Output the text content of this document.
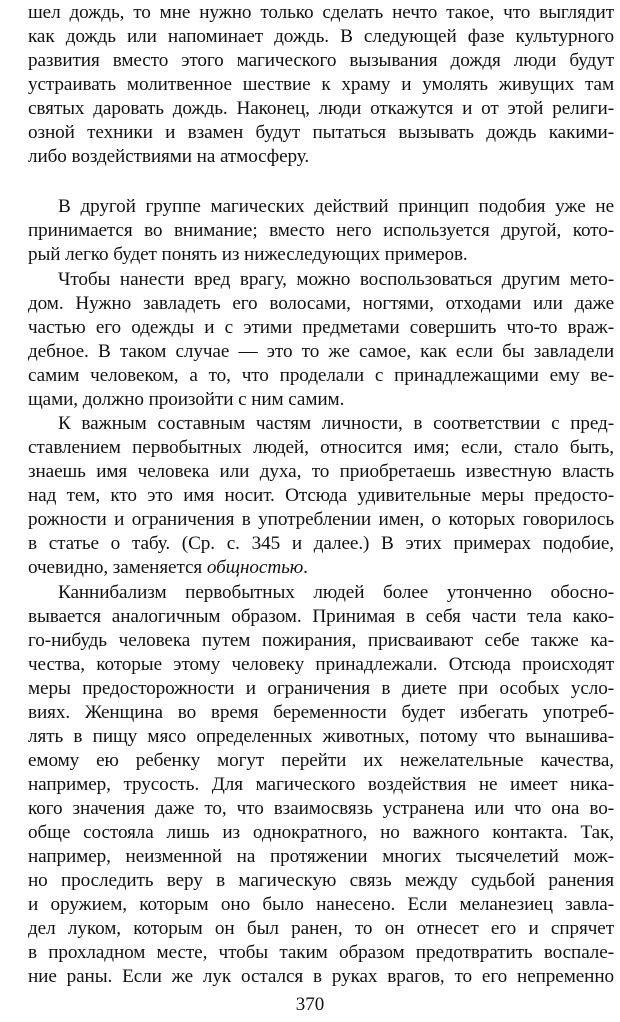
шел дождь, то мне нужно только сделать нечто такое, что выглядит
как дождь или напоминает дождь. В следующей фазе культурного
развития вместо этого магического вызывания дождя люди будут
устраивать молитвенное шествие к храму и умолять живущих там
святых даровать дождь. Наконец, люди откажутся и от этой религи-
озной техники и взамен будут пытаться вызывать дождь какими-
либо воздействиями на атмосферу.
В другой группе магических действий принцип подобия уже не
принимается во внимание; вместо него используется другой, кото-
рый легко будет понять из нижеследующих примеров.
Чтобы нанести вред врагу, можно воспользоваться другим мето-
дом. Нужно завладеть его волосами, ногтями, отходами или даже
частью его одежды и с этими предметами совершить что-то враж-
дебное. В таком случае — это то же самое, как если бы завладели
самим человеком, а то, что проделали с принадлежащими ему ве-
щами, должно произойти с ним самим.
К важным составным частям личности, в соответствии с пред-
ставлением первобытных людей, относится имя; если, стало быть,
знаешь имя человека или духа, то приобретаешь известную власть
над тем, кто это имя носит. Отсюда удивительные меры предосто-
рожности и ограничения в употреблении имен, о которых говорилось
в статье о табу. (Ср. с. 345 и далее.) В этих примерах подобие,
очевидно, заменяется общностью.
Каннибализм первобытных людей более утонченно обосно-
вывается аналогичным образом. Принимая в себя части тела како-
го-нибудь человека путем пожирания, присваивают себе также ка-
чества, которые этому человеку принадлежали. Отсюда происходят
меры предосторожности и ограничения в диете при особых усло-
виях. Женщина во время беременности будет избегать употреб-
лять в пищу мясо определенных животных, потому что вынашива-
емому ею ребенку могут перейти их нежелательные качества,
например, трусость. Для магического воздействия не имеет ника-
кого значения даже то, что взаимосвязь устранена или что она во-
обще состояла лишь из однократного, но важного контакта. Так,
например, неизменной на протяжении многих тысячелетий мож-
но проследить веру в магическую связь между судьбой ранения
и оружием, которым оно было нанесено. Если меланезиец завла-
дел луком, которым он был ранен, то он отнесет его и спрячет
в прохладном месте, чтобы таким образом предотвратить воспале-
ние раны. Если же лук остался в руках врагов, то его непременно
370
